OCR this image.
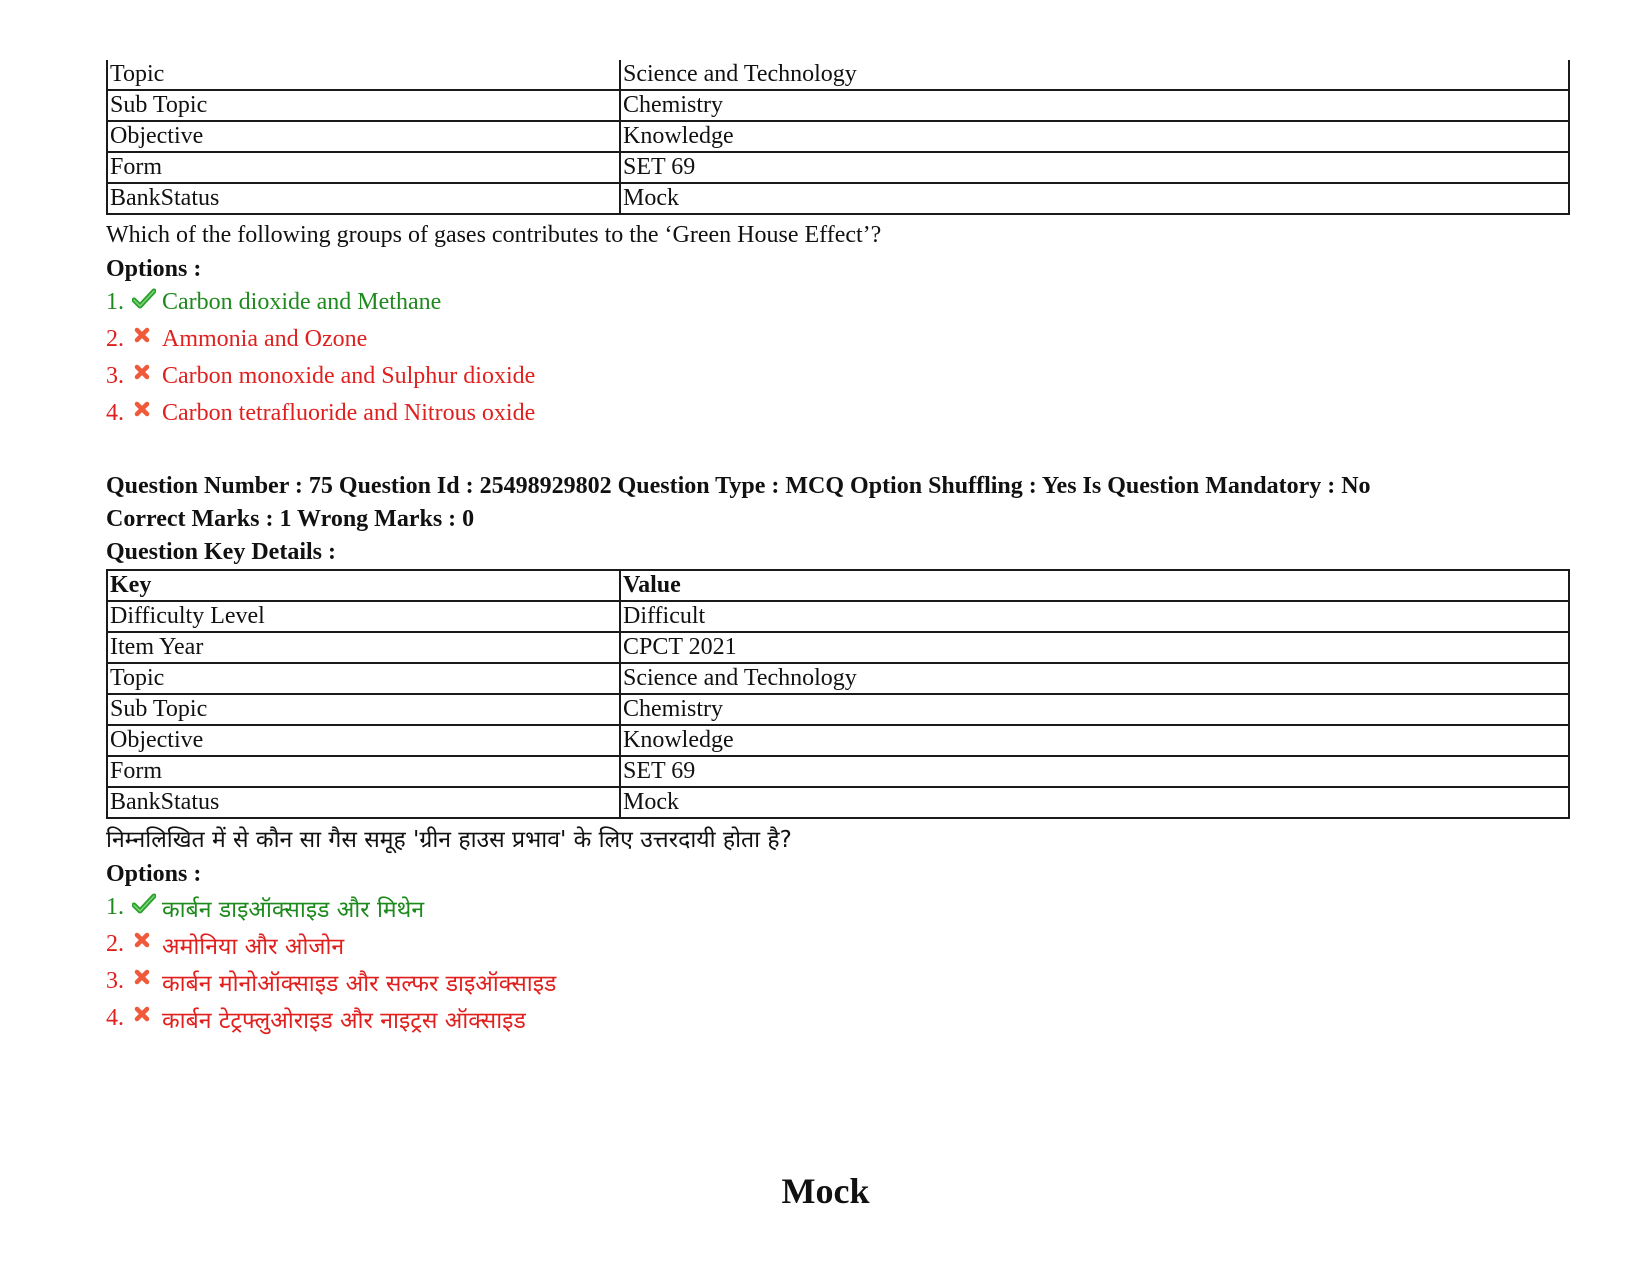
Topic	Science and Technology
Sub Topic	Chemistry
Objective	Knowledge
Form	SET 69
BankStatus	Mock
Which of the following groups of gases contributes to the ‘Green House Effect’?
Options :
1.	Carbon dioxide and Methane
2.	Ammonia and Ozone
3.	Carbon monoxide and Sulphur dioxide
4.	Carbon tetrafluoride and Nitrous oxide
Question Number : 75 Question Id : 25498929802 Question Type : MCQ Option Shuffling : Yes Is Question Mandatory : No
Correct Marks : 1 Wrong Marks : 0
Question Key Details :
Key	Value
Difficulty Level	Difficult
Item Year	CPCT 2021
Topic	Science and Technology
Sub Topic	Chemistry
Objective	Knowledge
Form	SET 69
BankStatus	Mock
निम्नलिखित में से कौन सा गैस समूह 'ग्रीन हाउस प्रभाव' के लिए उत्तरदायी होता है?
Options :
1.	कार्बन डाइऑक्साइड और मिथेन
2.	अमोनिया और ओजोन
3.	कार्बन मोनोऑक्साइड और सल्फर डाइऑक्साइड
4.	कार्बन टेट्रफ्लुओराइड और नाइट्रस ऑक्साइड
Mock
